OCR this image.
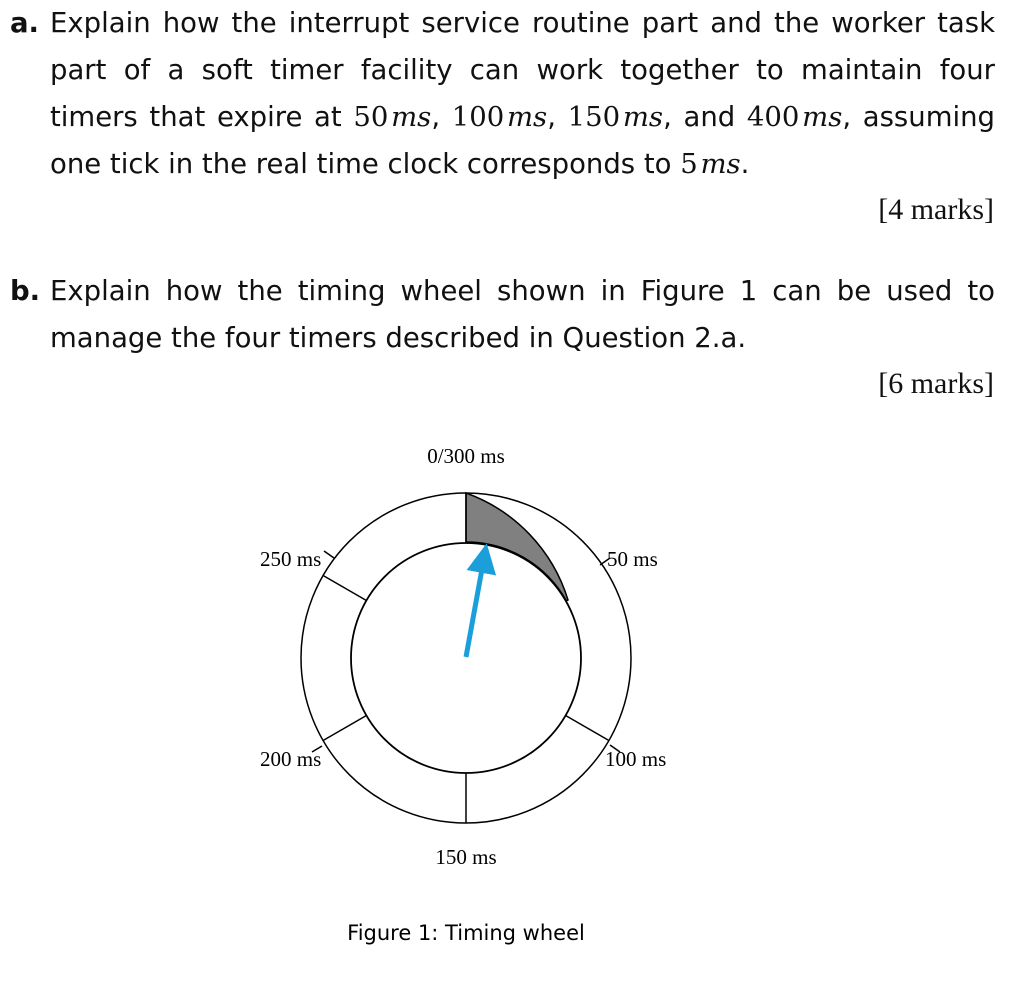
a. Explain how the interrupt service routine part and the worker task part of a soft timer facility can work together to maintain four timers that expire at 50  ms, 100  ms, 150  ms, and 400  ms, assuming one tick in the real time clock corresponds to 5  ms.
[4 marks]
b. Explain how the timing wheel shown in Figure 1 can be used to manage the four timers described in Question 2.a.
[6 marks]
0/300 ms
50 ms
100 ms
150 ms
200 ms
250 ms
Figure 1: Timing wheel
